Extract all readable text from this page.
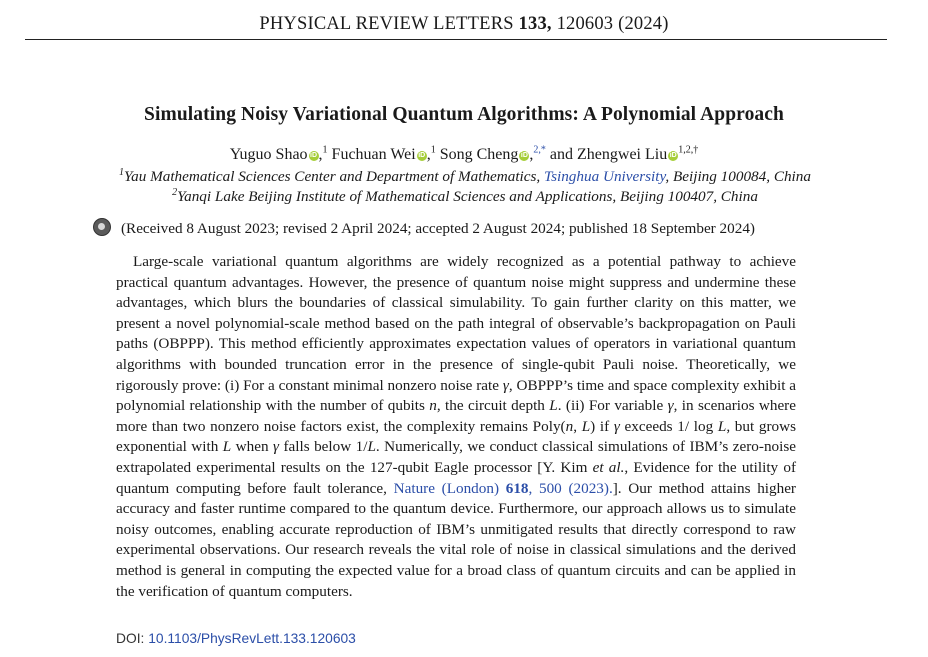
PHYSICAL REVIEW LETTERS 133, 120603 (2024)
Simulating Noisy Variational Quantum Algorithms: A Polynomial Approach
Yuguo Shao iD,$^1$ Fuchuan Wei iD,$^1$ Song Cheng iD,$^{2,*}$ and Zhengwei Liu iD $^{1,2,\dagger}$
$^1$Yau Mathematical Sciences Center and Department of Mathematics, Tsinghua University, Beijing 100084, China
$^2$Yanqi Lake Beijing Institute of Mathematical Sciences and Applications, Beijing 100407, China
(Received 8 August 2023; revised 2 April 2024; accepted 2 August 2024; published 18 September 2024)
Large-scale variational quantum algorithms are widely recognized as a potential pathway to achieve practical quantum advantages. However, the presence of quantum noise might suppress and undermine these advantages, which blurs the boundaries of classical simulability. To gain further clarity on this matter, we present a novel polynomial-scale method based on the path integral of observable’s backpropagation on Pauli paths (OBPPP). This method efficiently approximates expectation values of operators in variational quantum algorithms with bounded truncation error in the presence of single-qubit Pauli noise. Theoretically, we rigorously prove: (i) For a constant minimal nonzero noise rate γ, OBPPP’s time and space complexity exhibit a polynomial relationship with the number of qubits n, the circuit depth L. (ii) For variable γ, in scenarios where more than two nonzero noise factors exist, the complexity remains Poly(n, L) if γ exceeds 1/ log L, but grows exponential with L when γ falls below 1/L. Numerically, we conduct classical simulations of IBM’s zero-noise extrapolated experimental results on the 127-qubit Eagle processor [Y. Kim et al., Evidence for the utility of quantum computing before fault tolerance, Nature (London) 618, 500 (2023).]. Our method attains higher accuracy and faster runtime compared to the quantum device. Furthermore, our approach allows us to simulate noisy outcomes, enabling accurate reproduction of IBM’s unmitigated results that directly correspond to raw experimental observations. Our research reveals the vital role of noise in classical simulations and the derived method is general in computing the expected value for a broad class of quantum circuits and can be applied in the verification of quantum computers.
DOI: 10.1103/PhysRevLett.133.120603
